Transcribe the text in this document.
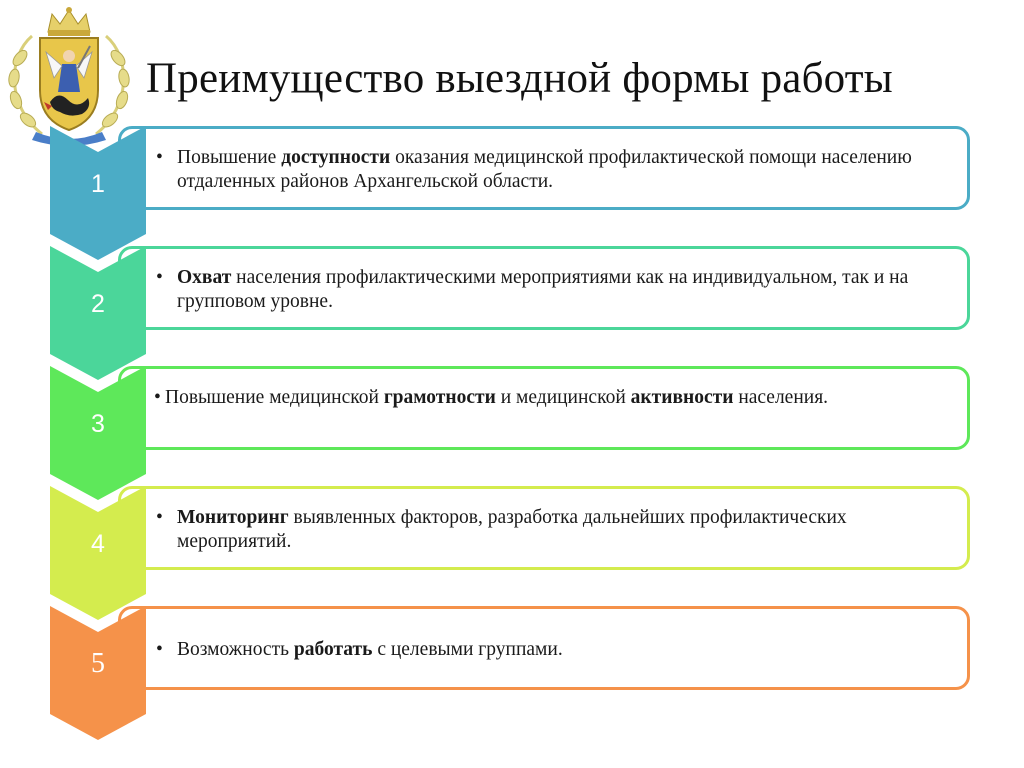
Преимущество выездной формы работы
1
• Повышение доступности оказания медицинской профилактической помощи населению отдаленных районов Архангельской области.
2
• Охват населения профилактическими мероприятиями как на индивидуальном, так и на групповом уровне.
3
• Повышение медицинской грамотности и медицинской активности населения.
4
• Мониторинг выявленных факторов, разработка дальнейших профилактических мероприятий.
5	• Возможность работать с целевыми группами.
